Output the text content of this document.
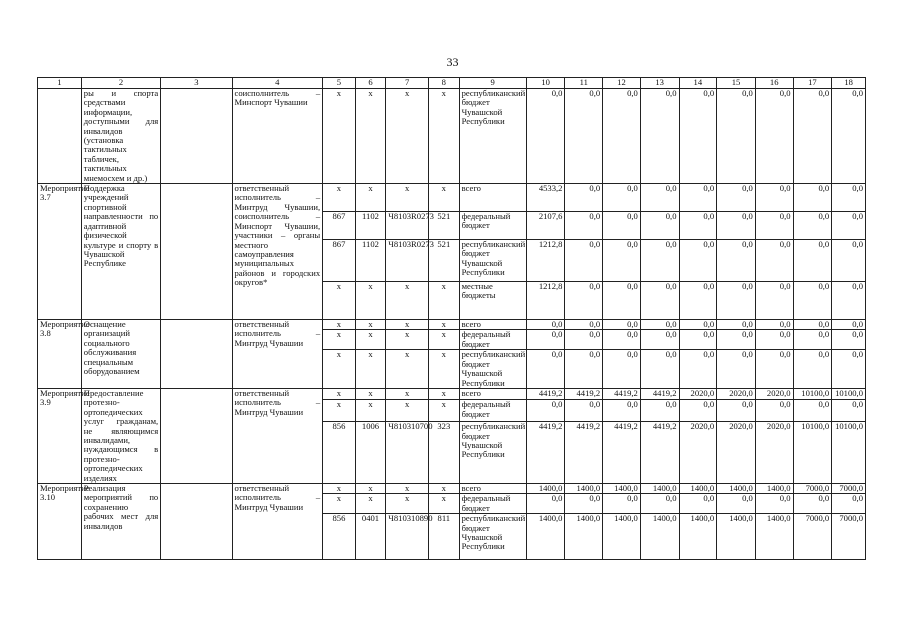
33
1	2	3	4	5	6	7	8	9	10	11	12	13	14	15	16	17	18
	ры и спорта средствами информации, доступными для инвалидов (установка тактильных табличек, тактильных мнемосхем и др.)		соисполнитель – Минспорт Чувашии	x	x	x	x	республиканский бюджет Чувашской Республики	0,0	0,0	0,0	0,0	0,0	0,0	0,0	0,0	0,0
Мероприятие 3.7	Поддержка учреждений спортивной направленности по адаптивной физической культуре и спорту в Чувашской Республике		ответственный исполнитель – Минтруд Чувашии, соисполнитель – Минспорт Чувашии, участники – органы местного самоуправления муниципальных районов и городских округов*	x	x	x	x	всего	4533,2	0,0	0,0	0,0	0,0	0,0	0,0	0,0	0,0
				867	1102	Ч8103R0273	521	федеральный бюджет	2107,6	0,0	0,0	0,0	0,0	0,0	0,0	0,0	0,0
				867	1102	Ч8103R0273	521	республиканский бюджет Чувашской Республики	1212,8	0,0	0,0	0,0	0,0	0,0	0,0	0,0	0,0
				x	x	x	x	местные бюджеты	1212,8	0,0	0,0	0,0	0,0	0,0	0,0	0,0	0,0
Мероприятие 3.8	Оснащение организаций социального обслуживания специальным оборудованием		ответственный исполнитель – Минтруд Чувашии	x	x	x	x	всего	0,0	0,0	0,0	0,0	0,0	0,0	0,0	0,0	0,0
				x	x	x	x	федеральный бюджет	0,0	0,0	0,0	0,0	0,0	0,0	0,0	0,0	0,0
				x	x	x	x	республиканский бюджет Чувашской Республики	0,0	0,0	0,0	0,0	0,0	0,0	0,0	0,0	0,0
Мероприятие 3.9	Предоставление протезно-ортопедических услуг гражданам, не являющимся инвалидами, нуждающимся в протезно-ортопедических изделиях		ответственный исполнитель – Минтруд Чувашии	x	x	x	x	всего	4419,2	4419,2	4419,2	4419,2	2020,0	2020,0	2020,0	10100,0	10100,0
				x	x	x	x	федеральный бюджет	0,0	0,0	0,0	0,0	0,0	0,0	0,0	0,0	0,0
				856	1006	Ч810310700	323	республиканский бюджет Чувашской Республики	4419,2	4419,2	4419,2	4419,2	2020,0	2020,0	2020,0	10100,0	10100,0
Мероприятие 3.10	Реализация мероприятий по сохранению рабочих мест для инвалидов		ответственный исполнитель – Минтруд Чувашии	x	x	x	x	всего	1400,0	1400,0	1400,0	1400,0	1400,0	1400,0	1400,0	7000,0	7000,0
				x	x	x	x	федеральный бюджет	0,0	0,0	0,0	0,0	0,0	0,0	0,0	0,0	0,0
				856	0401	Ч810310890	811	республиканский бюджет Чувашской Республики	1400,0	1400,0	1400,0	1400,0	1400,0	1400,0	1400,0	7000,0	7000,0
